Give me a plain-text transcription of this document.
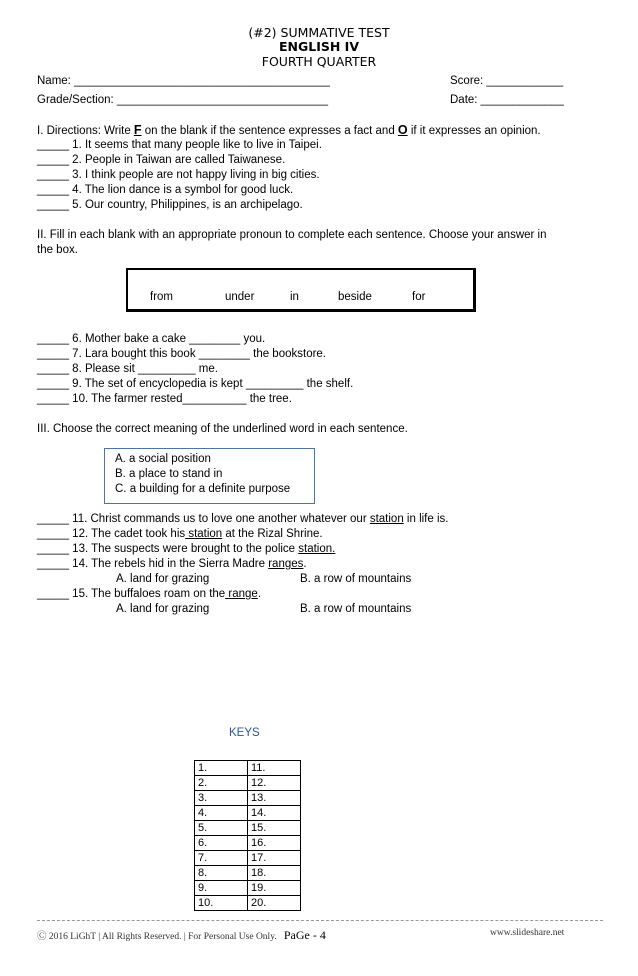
(#2) SUMMATIVE TEST
ENGLISH IV
FOURTH QUARTER
Name: ________________________________________	Score: ____________
Grade/Section: _________________________________	Date: _____________
I. Directions: Write F on the blank if the sentence expresses a fact and O if it expresses an opinion.
_____ 1. It seems that many people like to live in Taipei.
_____ 2. People in Taiwan are called Taiwanese.
_____ 3. I think people are not happy living in big cities.
_____ 4. The lion dance is a symbol for good luck.
_____ 5. Our country, Philippines, is an archipelago.
II. Fill in each blank with an appropriate pronoun to complete each sentence. Choose your answer in
the box.
from	under	in	beside	for
_____ 6. Mother bake a cake ________ you.
_____ 7. Lara bought this book ________ the bookstore.
_____ 8. Please sit _________ me.
_____ 9. The set of encyclopedia is kept _________ the shelf.
_____ 10. The farmer rested__________ the tree.
III. Choose the correct meaning of the underlined word in each sentence.
A. a social position
B. a place to stand in
C. a building for a definite purpose
_____ 11. Christ commands us to love one another whatever our station in life is.
_____ 12. The cadet took his station at the Rizal Shrine.
_____ 13. The suspects were brought to the police station.
_____ 14. The rebels hid in the Sierra Madre ranges.
A. land for grazing	B. a row of mountains
_____ 15. The buffaloes roam on the range.
A. land for grazing	B. a row of mountains
KEYS
1.	11.
2.	12.
3.	13.
4.	14.
5.	15.
6.	16.
7.	17.
8.	18.
9.	19.
10.	20.
Ⓒ 2016 LiGhT | All Rights Reserved. | For Personal Use Only. PaGe - 4	www.slideshare.net
